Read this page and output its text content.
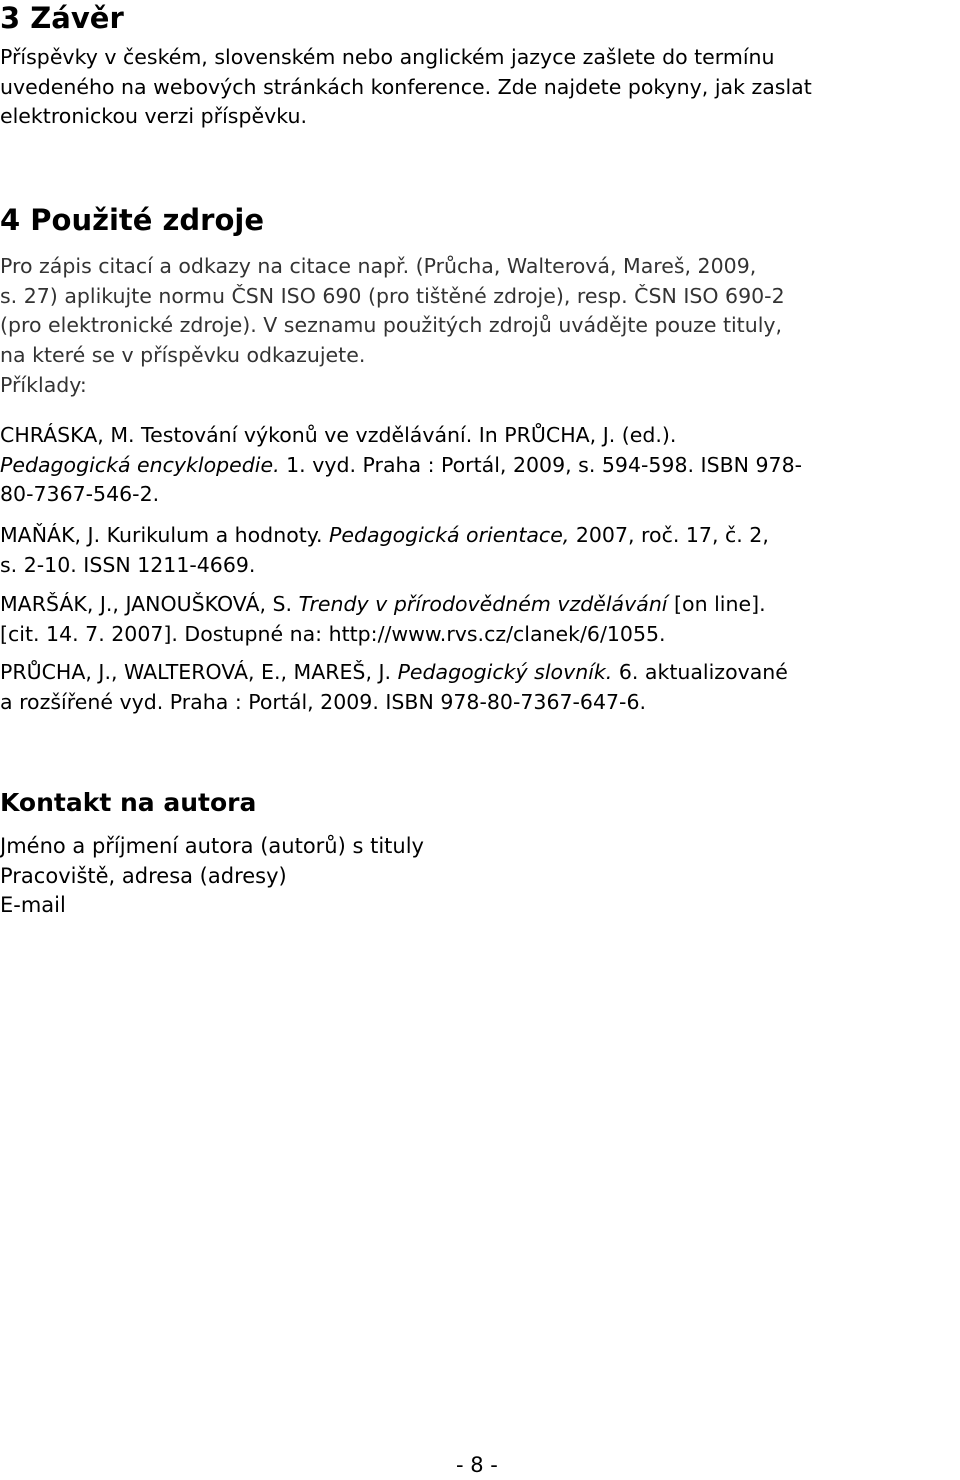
3 Závěr
Příspěvky v českém, slovenském nebo anglickém jazyce zašlete do termínu
uvedeného na webových stránkách konference. Zde najdete pokyny, jak zaslat
elektronickou verzi příspěvku.
4 Použité zdroje
Pro zápis citací a odkazy na citace např. (Průcha, Walterová, Mareš, 2009,
s. 27) aplikujte normu ČSN ISO 690 (pro tištěné zdroje), resp. ČSN ISO 690-2
(pro elektronické zdroje). V seznamu použitých zdrojů uvádějte pouze tituly,
na které se v příspěvku odkazujete.
Příklady:
CHRÁSKA, M. Testování výkonů ve vzdělávání. In PRŮCHA, J. (ed.).
Pedagogická encyklopedie. 1. vyd. Praha : Portál, 2009, s. 594-598. ISBN 978-
80-7367-546-2.
MAŇÁK, J. Kurikulum a hodnoty. Pedagogická orientace, 2007, roč. 17, č. 2,
s. 2-10. ISSN 1211-4669.
MARŠÁK, J., JANOUŠKOVÁ, S. Trendy v přírodovědném vzdělávání [on line].
[cit. 14. 7. 2007]. Dostupné na: http://www.rvs.cz/clanek/6/1055.
PRŮCHA, J., WALTEROVÁ, E., MAREŠ, J. Pedagogický slovník. 6. aktualizované
a rozšířené vyd. Praha : Portál, 2009. ISBN 978-80-7367-647-6.
Kontakt na autora
Jméno a příjmení autora (autorů) s tituly
Pracoviště, adresa (adresy)
E-mail
- 8 -
